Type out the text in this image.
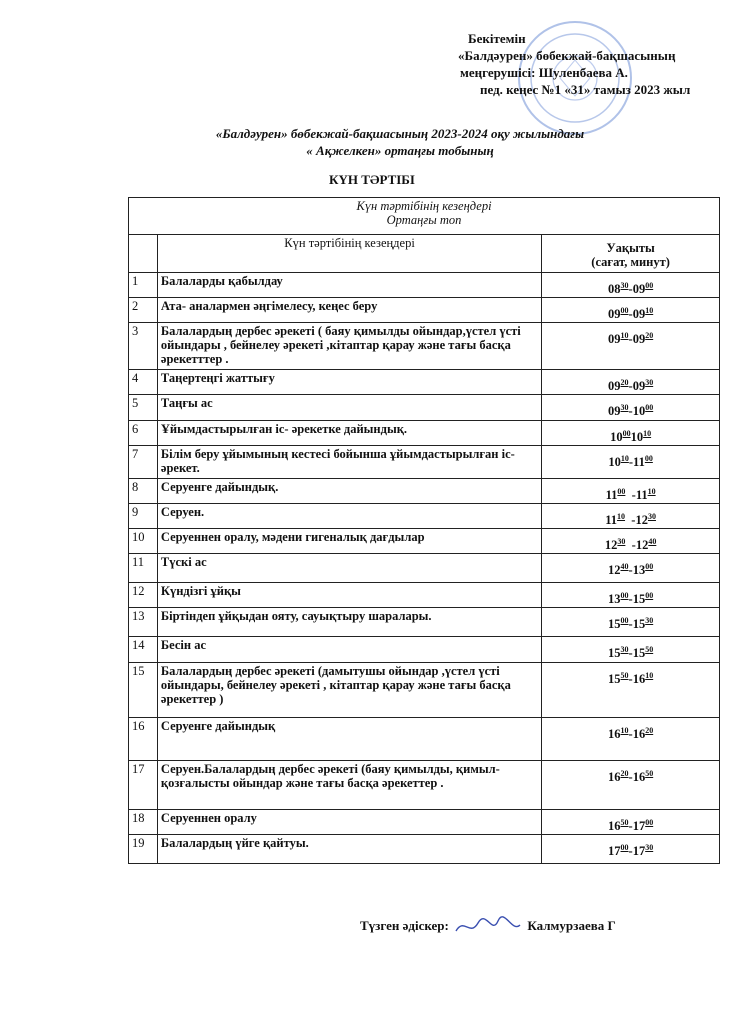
Бекітемін
«Балдәурен» бөбекжай-бақшасының
меңгерушісі: Шуленбаева А.
пед. кеңес №1 «31» тамыз 2023 жыл
«Балдәурен» бөбекжай-бақшасының 2023-2024 оқу жылындағы
« Ақжелкен» ортаңғы тобының
КҮН ТӘРТІБІ
Күн тәртібінің кезеңдері
Ортаңғы топ		

	Күн тәртібінің кезеңдері	Уақыты
(сағат, минут)

1	Балаларды қабылдау	$08^{30}-09^{00}$
2	Ата- аналармен әңгімелесу, кеңес беру	$09^{00}-09^{10}$
3	Балалардың дербес әрекеті ( баяу қимылды ойындар,үстел үсті ойындары , бейнелеу әрекеті ,кітаптар қарау және тағы басқа әрекетттер .	$09^{10}-09^{20}$
4	Таңертеңгі жаттығу	$09^{20}-09^{30}$
5	Таңғы ас	$09^{30}-10^{00}$
6	Ұйымдастырылған іс- әрекетке дайындық.	$10^{00}10^{10}$
7	Білім беру ұйымының кестесі бойынша ұйымдастырылған іс-әрекет.	$10^{10}-11^{00}$
8	Серуенге дайындық.	$11^{00}$  $-11^{10}$
9	Серуен.	$11^{10}$  $-12^{30}$
10	Серуеннен оралу, мәдени гигеналық дағдылар	$12^{30}$  $-12^{40}$
11	Түскі ас	$12^{40}-13^{00}$
12	Күндізгі ұйқы	$13^{00}-15^{00}$
13	Біртіндеп ұйқыдан ояту, сауықтыру шаралары.	$15^{00}-15^{30}$
14	Бесін ас	$15^{30}-15^{50}$
15	Балалардың дербес әрекеті (дамытушы ойындар ,үстел үсті ойындары, бейнелеу әрекеті , кітаптар қарау және тағы басқа әрекеттер )	$15^{50}-16^{10}$
16	Серуенге дайындық	$16^{10}-16^{20}$
17	Серуен.Балалардың дербес әрекеті (баяу қимылды, қимыл-қозғалысты ойындар және тағы басқа әрекеттер .	$16^{20}-16^{50}$
18	Серуеннен оралу	$16^{50}-17^{00}$
19	Балалардың үйге қайтуы.	$17^{00}-17^{30}$
Түзген әдіскер:	Калмурзаева Г
